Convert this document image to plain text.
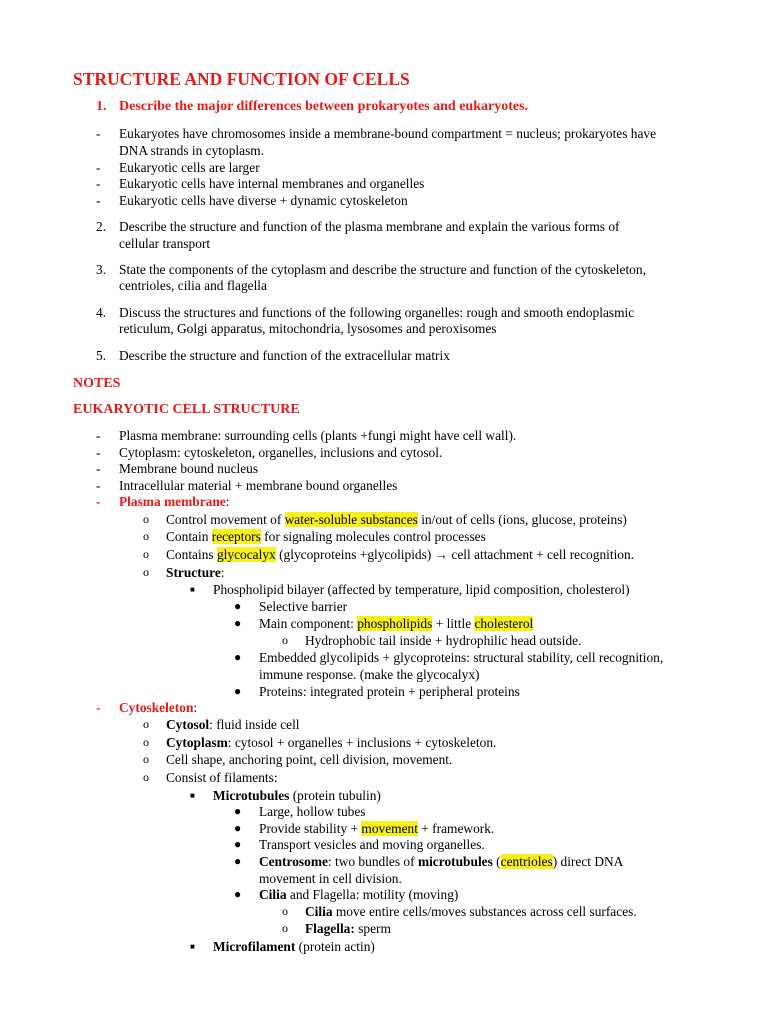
STRUCTURE AND FUNCTION OF CELLS
1. Describe the major differences between prokaryotes and eukaryotes.
-	Eukaryotes have chromosomes inside a membrane-bound compartment = nucleus; prokaryotes have
DNA strands in cytoplasm.
-	Eukaryotic cells are larger
-	Eukaryotic cells have internal membranes and organelles
-	Eukaryotic cells have diverse + dynamic cytoskeleton
2. Describe the structure and function of the plasma membrane and explain the various forms of
cellular transport
3. State the components of the cytoplasm and describe the structure and function of the cytoskeleton,
centrioles, cilia and flagella
4. Discuss the structures and functions of the following organelles: rough and smooth endoplasmic
reticulum, Golgi apparatus, mitochondria, lysosomes and peroxisomes
5. Describe the structure and function of the extracellular matrix
NOTES
EUKARYOTIC CELL STRUCTURE
-	Plasma membrane: surrounding cells (plants +fungi might have cell wall).
-	Cytoplasm: cytoskeleton, organelles, inclusions and cytosol.
-	Membrane bound nucleus
-	Intracellular material + membrane bound organelles
-	Plasma membrane:
o	Control movement of water-soluble substances in/out of cells (ions, glucose, proteins)
o	Contain receptors for signaling molecules control processes
o	Contains glycocalyx (glycoproteins +glycolipids) → cell attachment + cell recognition.
o	Structure:
■	Phospholipid bilayer (affected by temperature, lipid composition, cholesterol)
●	Selective barrier
●	Main component: phospholipids + little cholesterol
o	Hydrophobic tail inside + hydrophilic head outside.
●	Embedded glycolipids + glycoproteins: structural stability, cell recognition,
immune response. (make the glycocalyx)
●	Proteins: integrated protein + peripheral proteins
-	Cytoskeleton:
o	Cytosol: fluid inside cell
o	Cytoplasm: cytosol + organelles + inclusions + cytoskeleton.
o	Cell shape, anchoring point, cell division, movement.
o	Consist of filaments:
■	Microtubules (protein tubulin)
●	Large, hollow tubes
●	Provide stability + movement + framework.
●	Transport vesicles and moving organelles.
●	Centrosome: two bundles of microtubules (centrioles) direct DNA
movement in cell division.
●	Cilia and Flagella: motility (moving)
o	Cilia move entire cells/moves substances across cell surfaces.
o	Flagella: sperm
■	Microfilament (protein actin)
